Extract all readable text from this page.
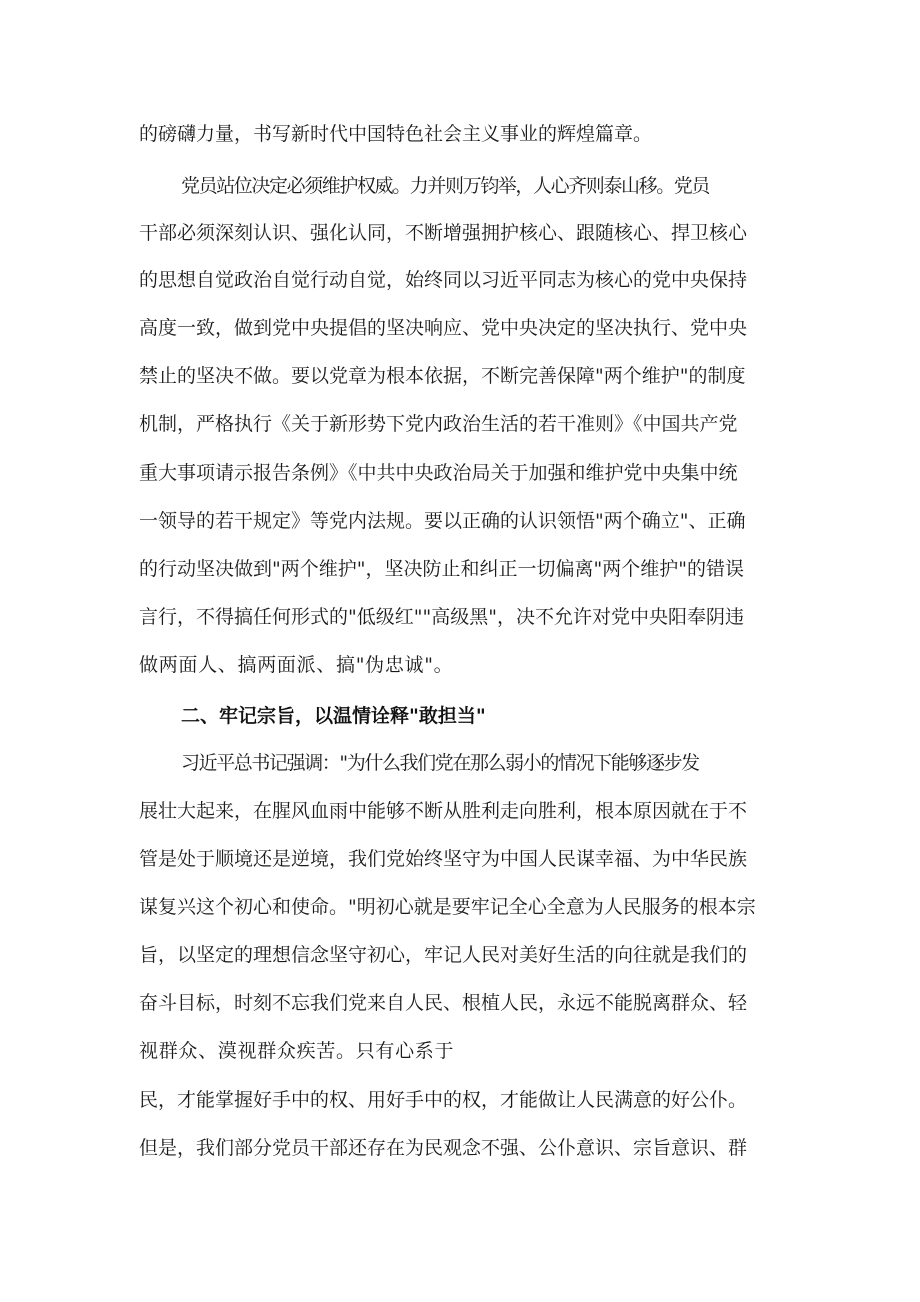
的磅礴力量，书写新时代中国特色社会主义事业的辉煌篇章。
党员站位决定必须维护权威。力并则万钧举，人心齐则泰山移。党员
干部必须深刻认识、强化认同，不断增强拥护核心、跟随核心、捍卫核心
的思想自觉政治自觉行动自觉，始终同以习近平同志为核心的党中央保持
高度一致，做到党中央提倡的坚决响应、党中央决定的坚决执行、党中央
禁止的坚决不做。要以党章为根本依据，不断完善保障"两个维护"的制度
机制，严格执行《关于新形势下党内政治生活的若干准则》《中国共产党
重大事项请示报告条例》《中共中央政治局关于加强和维护党中央集中统
一领导的若干规定》等党内法规。要以正确的认识领悟"两个确立"、正确
的行动坚决做到"两个维护"，坚决防止和纠正一切偏离"两个维护"的错误
言行，不得搞任何形式的"低级红""高级黑"，决不允许对党中央阳奉阴违
做两面人、搞两面派、搞"伪忠诚"。
二、牢记宗旨，以温情诠释"敢担当"
习近平总书记强调："为什么我们党在那么弱小的情况下能够逐步发
展壮大起来，在腥风血雨中能够不断从胜利走向胜利，根本原因就在于不
管是处于顺境还是逆境，我们党始终坚守为中国人民谋幸福、为中华民族
谋复兴这个初心和使命。"明初心就是要牢记全心全意为人民服务的根本宗
旨，以坚定的理想信念坚守初心，牢记人民对美好生活的向往就是我们的
奋斗目标，时刻不忘我们党来自人民、根植人民，永远不能脱离群众、轻
视群众、漠视群众疾苦。只有心系于
民，才能掌握好手中的权、用好手中的权，才能做让人民满意的好公仆。
但是，我们部分党员干部还存在为民观念不强、公仆意识、宗旨意识、群
